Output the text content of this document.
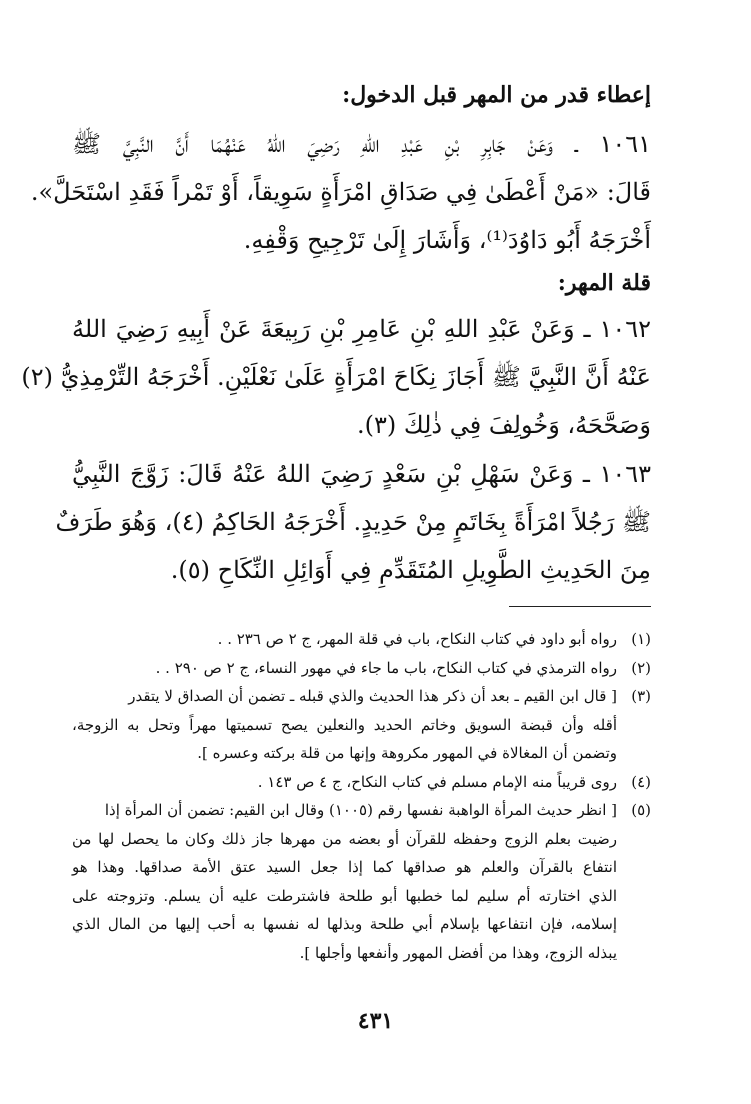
إعطاء قدر من المهر قبل الدخول:
١٠٦١ ـ وَعَنْ جَابِرِ بْنِ عَبْدِ اللهِ رَضِيَ اللهُ عَنْهُمَا أَنَّ النَّبِيَّ ﷺ
قَالَ: «مَنْ أَعْطَىٰ فِي صَدَاقِ امْرَأَةٍ سَوِيقاً، أَوْ تَمْراً فَقَدِ اسْتَحَلَّ».
أَخْرَجَهُ أَبُو دَاوُدَ⁽¹⁾، وَأَشَارَ إِلَىٰ تَرْجِيحِ وَقْفِهِ.
قلة المهر:
١٠٦٢ ـ وَعَنْ عَبْدِ اللهِ بْنِ عَامِرِ بْنِ رَبِيعَةَ عَنْ أَبِيهِ رَضِيَ اللهُ
عَنْهُ أَنَّ النَّبِيَّ ﷺ أَجَازَ نِكَاحَ امْرَأَةٍ عَلَىٰ نَعْلَيْنِ. أَخْرَجَهُ التِّرْمِذِيُّ (٢)
وَصَحَّحَهُ، وَخُولِفَ فِي ذٰلِكَ (٣).
١٠٦٣ ـ وَعَنْ سَهْلِ بْنِ سَعْدٍ رَضِيَ اللهُ عَنْهُ قَالَ: زَوَّجَ النَّبِيُّ
ﷺ رَجُلاً امْرَأَةً بِخَاتَمٍ مِنْ حَدِيدٍ. أَخْرَجَهُ الحَاكِمُ (٤)، وَهُوَ طَرَفٌ
مِنَ الحَدِيثِ الطَّوِيلِ المُتَقَدِّمِ فِي أَوَائِلِ النِّكَاحِ (٥).
(١)
رواه أبو داود في كتاب النكاح، باب في قلة المهر، ج ٢ ص ٢٣٦ . .
(٢)
رواه الترمذي في كتاب النكاح، باب ما جاء في مهور النساء، ج ٢ ص ٢٩٠ . .
(٣)
[ قال ابن القيم ـ بعد أن ذكر هذا الحديث والذي قبله ـ تضمن أن الصداق لا يتقدر
أقله وأن قبضة السويق وخاتم الحديد والنعلين يصح تسميتها مهراً وتحل به الزوجة،
وتضمن أن المغالاة في المهور مكروهة وإنها من قلة بركته وعسره ].
(٤)
روى قريباً منه الإمام مسلم في كتاب النكاح، ج ٤ ص ١٤٣ .
(٥)
[ انظر حديث المرأة الواهبة نفسها رقم (١٠٠٥) وقال ابن القيم: تضمن أن المرأة إذا
رضيت بعلم الزوج وحفظه للقرآن أو بعضه من مهرها جاز ذلك وكان ما يحصل لها من
انتفاع بالقرآن والعلم هو صداقها كما إذا جعل السيد عتق الأمة صداقها. وهذا هو
الذي اختارته أم سليم لما خطبها أبو طلحة فاشترطت عليه أن يسلم. وتزوجته على
إسلامه، فإن انتفاعها بإسلام أبي طلحة وبذلها له نفسها به أحب إليها من المال الذي
يبذله الزوج، وهذا من أفضل المهور وأنفعها وأجلها ].
٤٣١
